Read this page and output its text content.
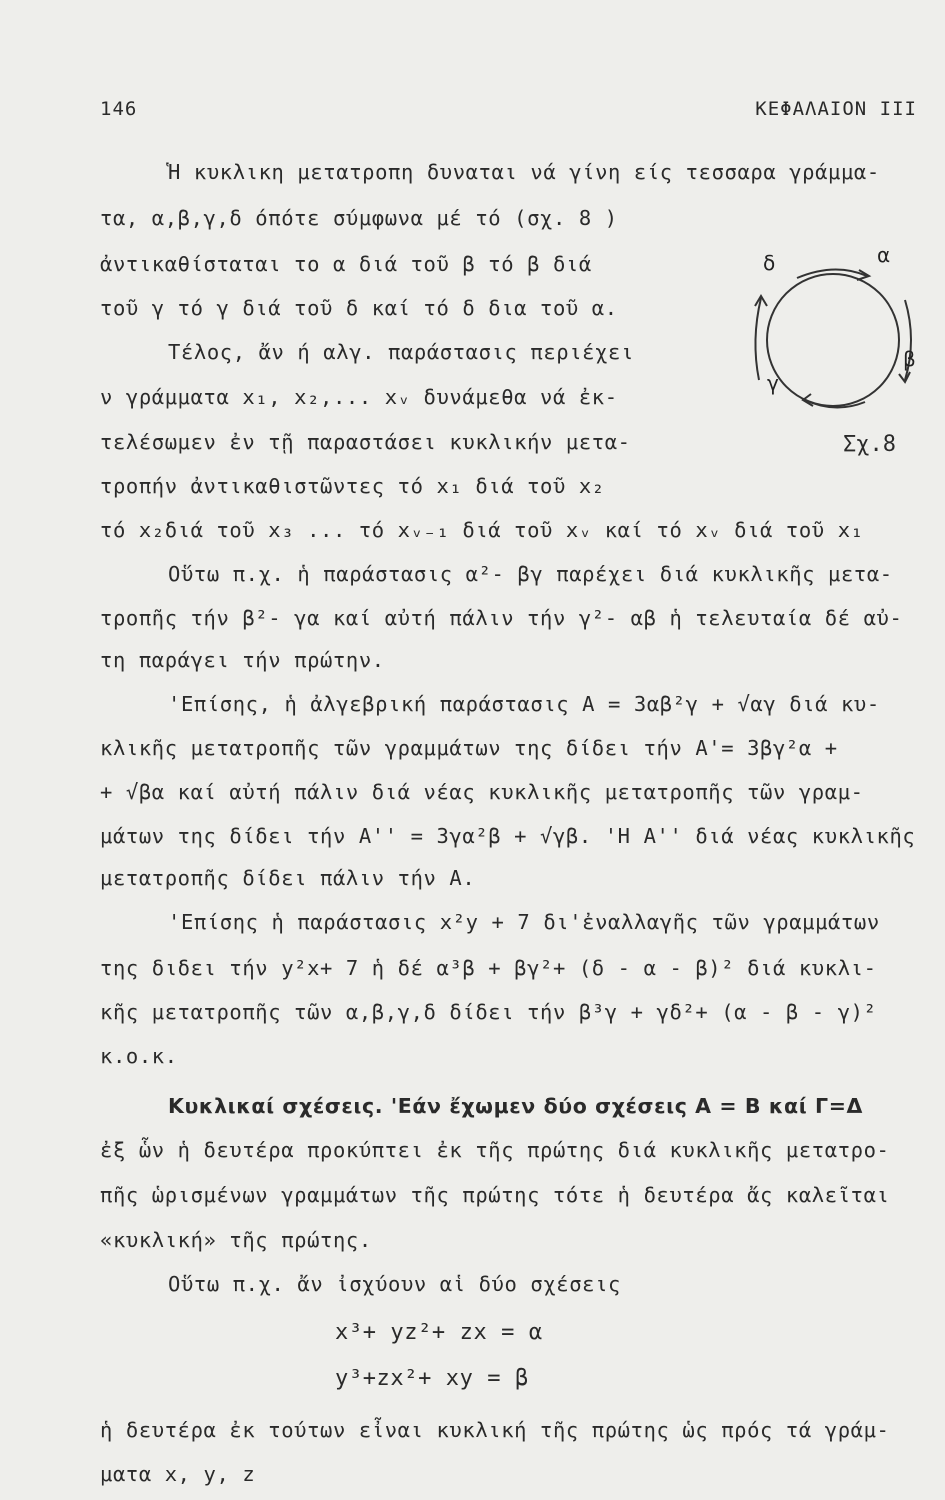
146	ΚΕΦΑΛΑΙΟΝ III
Ἡ κυκλικη μετατροπη δυναται νά γίνη είς τεσσαρα γράμμα-
τα, α,β,γ,δ όπότε σύμφωνα μέ τό (σχ. 8 )
ἀντικαθίσταται το α διά τοῦ β τό β διά
τοῦ γ τό γ διά τοῦ δ καί τό δ δια τοῦ α.
Τέλος, ἄν ή αλγ. παράστασις περιέχει
ν γράμματα x₁, x₂,... xᵥ δυνάμεθα νά ἐκ-
τελέσωμεν ἐν τῇ παραστάσει κυκλικήν μετα-
τροπήν ἀντικαθιστῶντες τό x₁ διά τοῦ x₂
τό x₂διά τοῦ x₃ ... τό xᵥ₋₁ διά τοῦ xᵥ καί τό xᵥ διά τοῦ x₁
Οὕτω π.χ. ἡ παράστασις α²- βγ παρέχει διά κυκλικῆς μετα-
τροπῆς τήν β²- γα καί αὐτή πάλιν τήν γ²- αβ ἡ τελευταία δέ αὐ-
τη παράγει τήν πρώτην.
'Επίσης, ἡ ἀλγεβρική παράστασις Α = 3αβ²γ + √αγ διά κυ-
κλικῆς μετατροπῆς τῶν γραμμάτων της δίδει τήν Α'= 3βγ²α +
+ √βα καί αὐτή πάλιν διά νέας κυκλικῆς μετατροπῆς τῶν γραμ-
μάτων της δίδει τήν Α'' = 3γα²β + √γβ. 'Η Α'' διά νέας κυκλικῆς
μετατροπῆς δίδει πάλιν τήν Α.
'Επίσης ἡ παράστασις x²y + 7 δι'ἐναλλαγῆς τῶν γραμμάτων
της διδει τήν y²x+ 7 ἡ δέ α³β + βγ²+ (δ - α - β)² διά κυκλι-
κῆς μετατροπῆς τῶν α,β,γ,δ δίδει τήν β³γ + γδ²+ (α - β - γ)²
κ.ο.κ.
Κυκλικαί σχέσεις. 'Εάν ἔχωμεν δύο σχέσεις Α = Β καί Γ=Δ
ἐξ ὧν ἡ δευτέρα προκύπτει ἐκ τῆς πρώτης διά κυκλικῆς μετατρο-
πῆς ὡρισμένων γραμμάτων τῆς πρώτης τότε ἡ δευτέρα ἄς καλεῖται
«κυκλική» τῆς πρώτης.
Οὕτω π.χ. ἄν ἰσχύουν αἱ δύο σχέσεις
x³+ yz²+ zx = α
y³+zx²+ xy = β
ἡ δευτέρα ἐκ τούτων εἶναι κυκλική τῆς πρώτης ὡς πρός τά γράμ-
ματα x, y, z
δ	α
β
γ
Σχ.8
